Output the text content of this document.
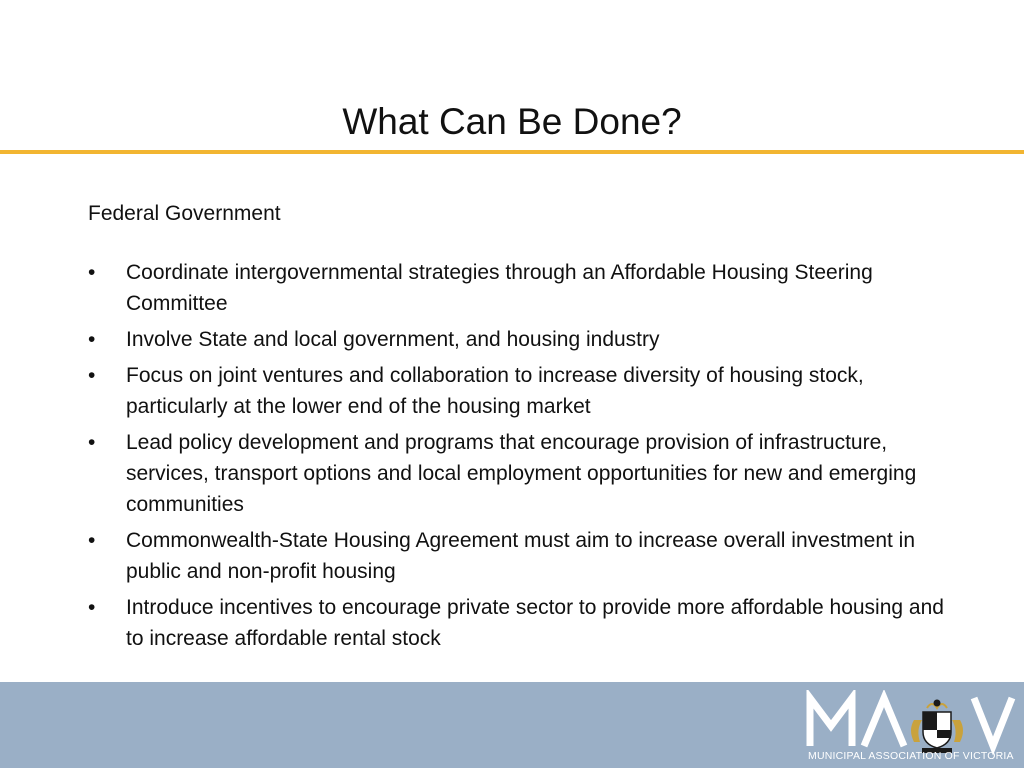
What Can Be Done?
Federal Government
•	Coordinate intergovernmental strategies through an Affordable Housing Steering Committee
•	Involve State and local government, and housing industry
•	Focus on joint ventures and collaboration to increase diversity of housing stock, particularly at the lower end of the housing market
•	Lead policy development and programs that encourage provision of infrastructure, services, transport options and local employment opportunities for new and emerging communities
•	Commonwealth-State Housing Agreement must aim to increase overall investment in public and non-profit housing
•	Introduce incentives to encourage private sector to provide more affordable housing and to increase affordable rental stock
MUNICIPAL ASSOCIATION OF VICTORIA
